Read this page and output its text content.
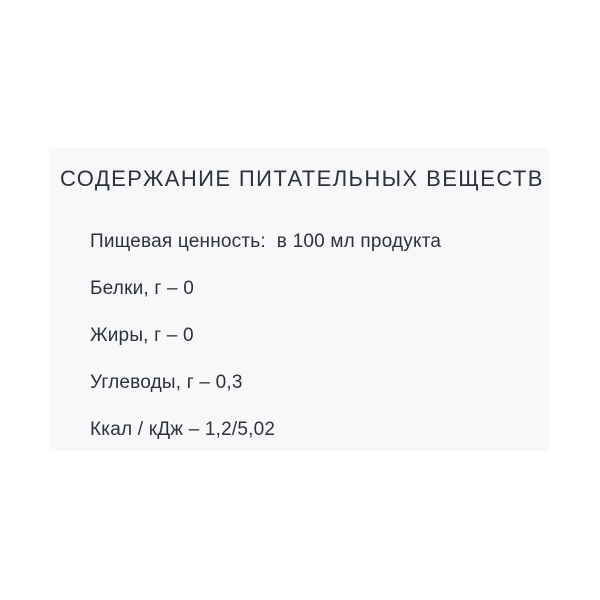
СОДЕРЖАНИЕ ПИТАТЕЛЬНЫХ ВЕЩЕСТВ
Пищевая ценность:  в 100 мл продукта
Белки, г – 0
Жиры, г – 0
Углеводы, г – 0,3
Ккал / кДж – 1,2/5,02
